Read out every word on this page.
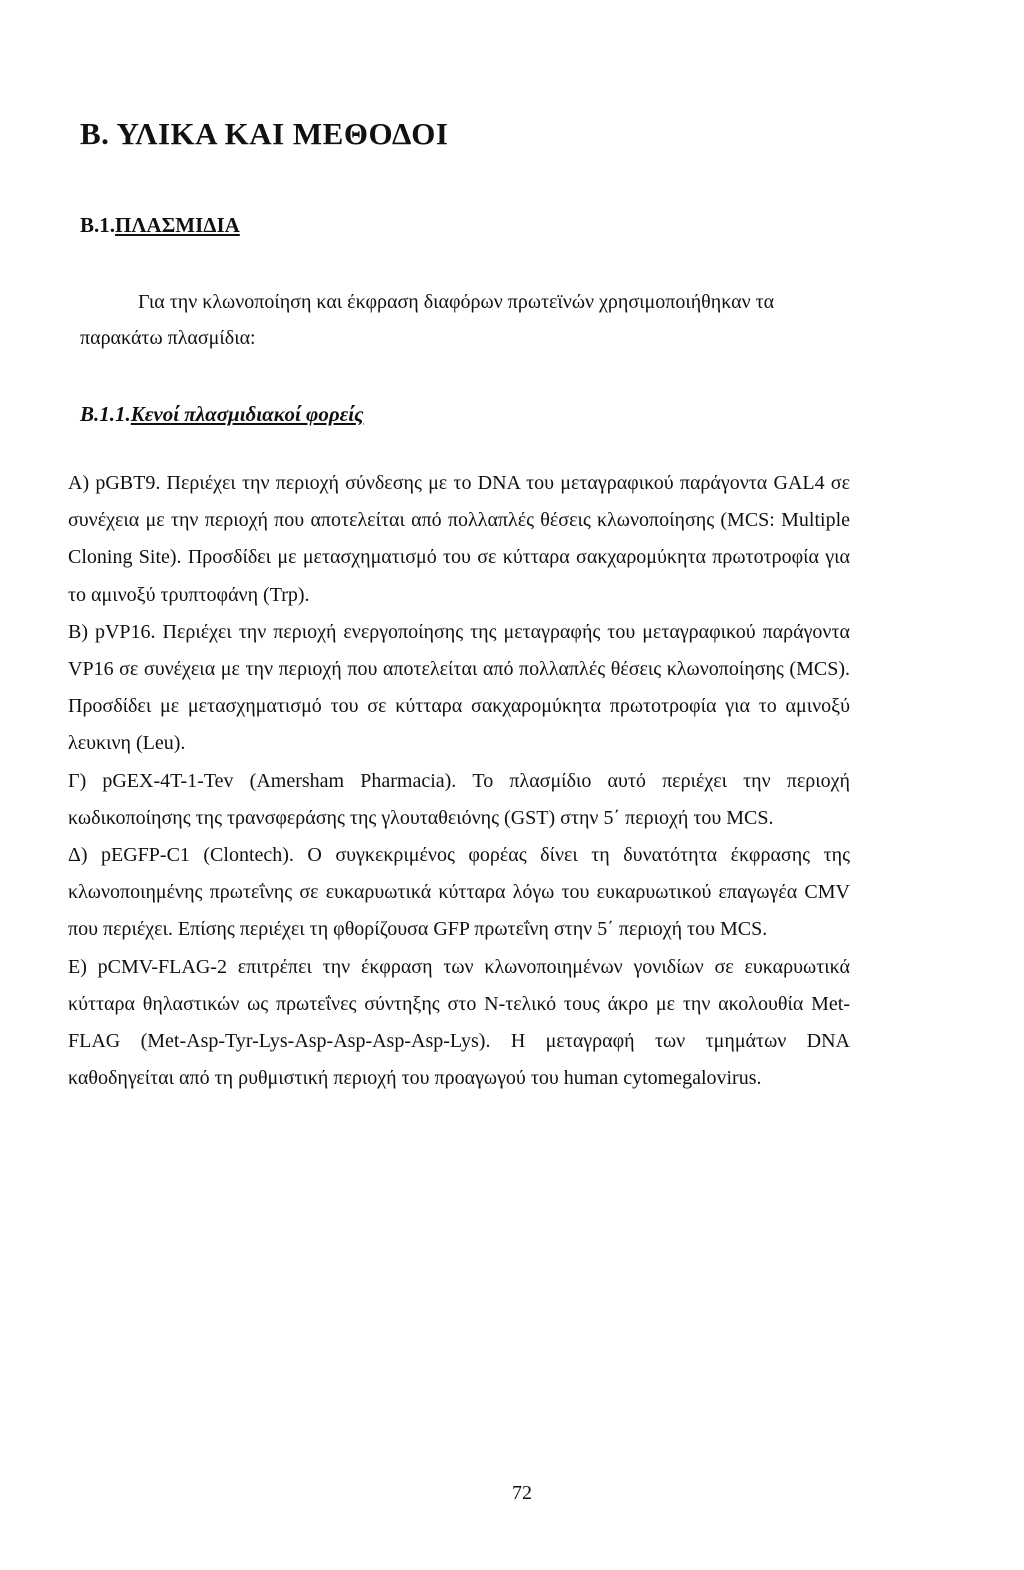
Β. ΥΛΙΚΑ ΚΑΙ ΜΕΘΟΔΟΙ
Β.1.ΠΛΑΣΜΙΔΙΑ

Για την κλωνοποίηση και έκφραση διαφόρων πρωτεϊνών χρησιμοποιήθηκαν τα παρακάτω πλασμίδια:

Β.1.1.Κενοί πλασμιδιακοί φορείς

Α) pGBT9. Περιέχει την περιοχή σύνδεσης με το DNA του μεταγραφικού παράγοντα GAL4 σε συνέχεια με την περιοχή που αποτελείται από πολλαπλές θέσεις κλωνοποίησης (MCS: Multiple Cloning Site). Προσδίδει με μετασχηματισμό του σε κύτταρα σακχαρομύκητα πρωτοτροφία για το αμινοξύ τρυπτοφάνη (Trp).

Β) pVP16. Περιέχει την περιοχή ενεργοποίησης της μεταγραφής του μεταγραφικού παράγοντα VP16 σε συνέχεια με την περιοχή που αποτελείται από πολλαπλές θέσεις κλωνοποίησης (MCS). Προσδίδει με μετασχηματισμό του σε κύτταρα σακχαρομύκητα πρωτοτροφία για το αμινοξύ λευκινη (Leu).

Γ) pGEX-4T-1-Tev (Amersham Pharmacia). Το πλασμίδιο αυτό περιέχει την περιοχή κωδικοποίησης της τρανσφεράσης της γλουταθειόνης (GST) στην 5΄ περιοχή του MCS.

Δ) pEGFP-C1 (Clontech). Ο συγκεκριμένος φορέας δίνει τη δυνατότητα έκφρασης της κλωνοποιημένης πρωτεΐνης σε ευκαρυωτικά κύτταρα λόγω του ευκαρυωτικού επαγωγέα CMV που περιέχει. Επίσης περιέχει τη φθορίζουσα GFP πρωτεΐνη στην 5΄ περιοχή του MCS.

Ε) pCMV-FLAG-2 επιτρέπει την έκφραση των κλωνοποιημένων γονιδίων σε ευκαρυωτικά κύτταρα θηλαστικών ως πρωτεΐνες σύντηξης στο Ν-τελικό τους άκρο με την ακολουθία Met-FLAG (Met-Asp-Tyr-Lys-Asp-Asp-Asp-Asp-Lys). Η μεταγραφή των τμημάτων DNA καθοδηγείται από τη ρυθμιστική περιοχή του προαγωγού του human cytomegalovirus.

72
